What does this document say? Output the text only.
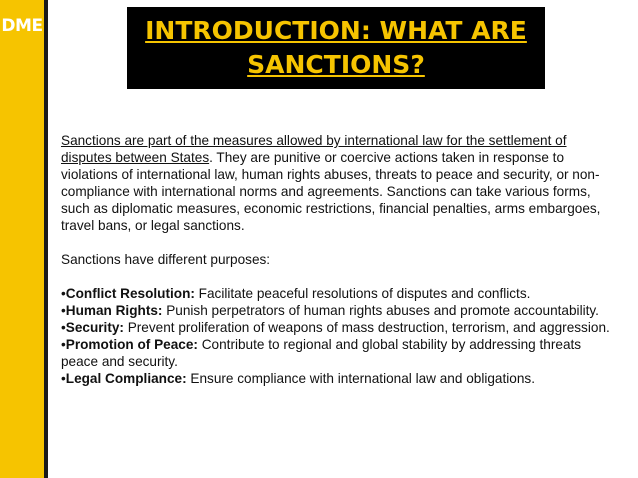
DME	INTRODUCTION: WHAT ARE
SANCTIONS?

Sanctions are part of the measures allowed by international law for the settlement of disputes between States. They are punitive or coercive actions taken in response to violations of international law, human rights abuses, threats to peace and security, or non-compliance with international norms and agreements. Sanctions can take various forms, such as diplomatic measures, economic restrictions, financial penalties, arms embargoes, travel bans, or legal sanctions.

Sanctions have different purposes:

•Conflict Resolution: Facilitate peaceful resolutions of disputes and conflicts.

•Human Rights: Punish perpetrators of human rights abuses and promote accountability.

•Security: Prevent proliferation of weapons of mass destruction, terrorism, and aggression.

•Promotion of Peace: Contribute to regional and global stability by addressing threats peace and security.

•Legal Compliance: Ensure compliance with international law and obligations.
